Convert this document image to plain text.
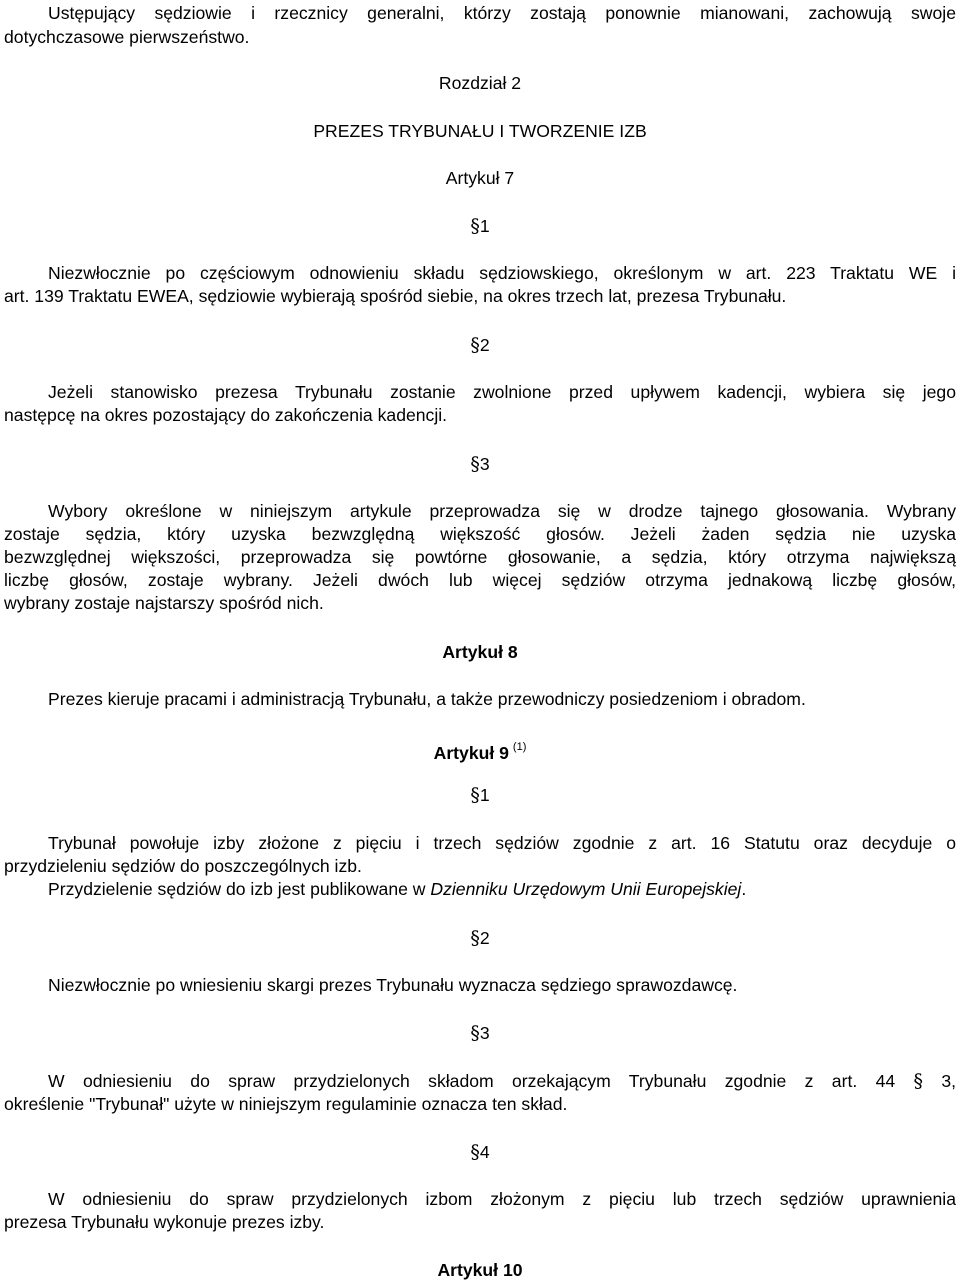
Ustępujący sędziowie i rzecznicy generalni, którzy zostają ponownie mianowani, zachowują swoje
dotychczasowe pierwszeństwo.
Rozdział 2
PREZES TRYBUNAŁU I TWORZENIE IZB
Artykuł 7
§1
Niezwłocznie po częściowym odnowieniu składu sędziowskiego, określonym w art. 223 Traktatu WE i
art. 139 Traktatu EWEA, sędziowie wybierają spośród siebie, na okres trzech lat, prezesa Trybunału.
§2
Jeżeli stanowisko prezesa Trybunału zostanie zwolnione przed upływem kadencji, wybiera się jego
następcę na okres pozostający do zakończenia kadencji.
§3
Wybory określone w niniejszym artykule przeprowadza się w drodze tajnego głosowania. Wybrany
zostaje sędzia, który uzyska bezwzględną większość głosów. Jeżeli żaden sędzia nie uzyska
bezwzględnej większości, przeprowadza się powtórne głosowanie, a sędzia, który otrzyma największą
liczbę głosów, zostaje wybrany. Jeżeli dwóch lub więcej sędziów otrzyma jednakową liczbę głosów,
wybrany zostaje najstarszy spośród nich.
Artykuł 8
Prezes kieruje pracami i administracją Trybunału, a także przewodniczy posiedzeniom i obradom.
Artykuł 9 $^{(1)}$
§1
Trybunał powołuje izby złożone z pięciu i trzech sędziów zgodnie z art. 16 Statutu oraz decyduje o
przydzieleniu sędziów do poszczególnych izb.
Przydzielenie sędziów do izb jest publikowane w Dzienniku Urzędowym Unii Europejskiej.
§2
Niezwłocznie po wniesieniu skargi prezes Trybunału wyznacza sędziego sprawozdawcę.
§3
W odniesieniu do spraw przydzielonych składom orzekającym Trybunału zgodnie z art. 44 § 3,
określenie "Trybunał" użyte w niniejszym regulaminie oznacza ten skład.
§4
W odniesieniu do spraw przydzielonych izbom złożonym z pięciu lub trzech sędziów uprawnienia
prezesa Trybunału wykonuje prezes izby.
Artykuł 10
